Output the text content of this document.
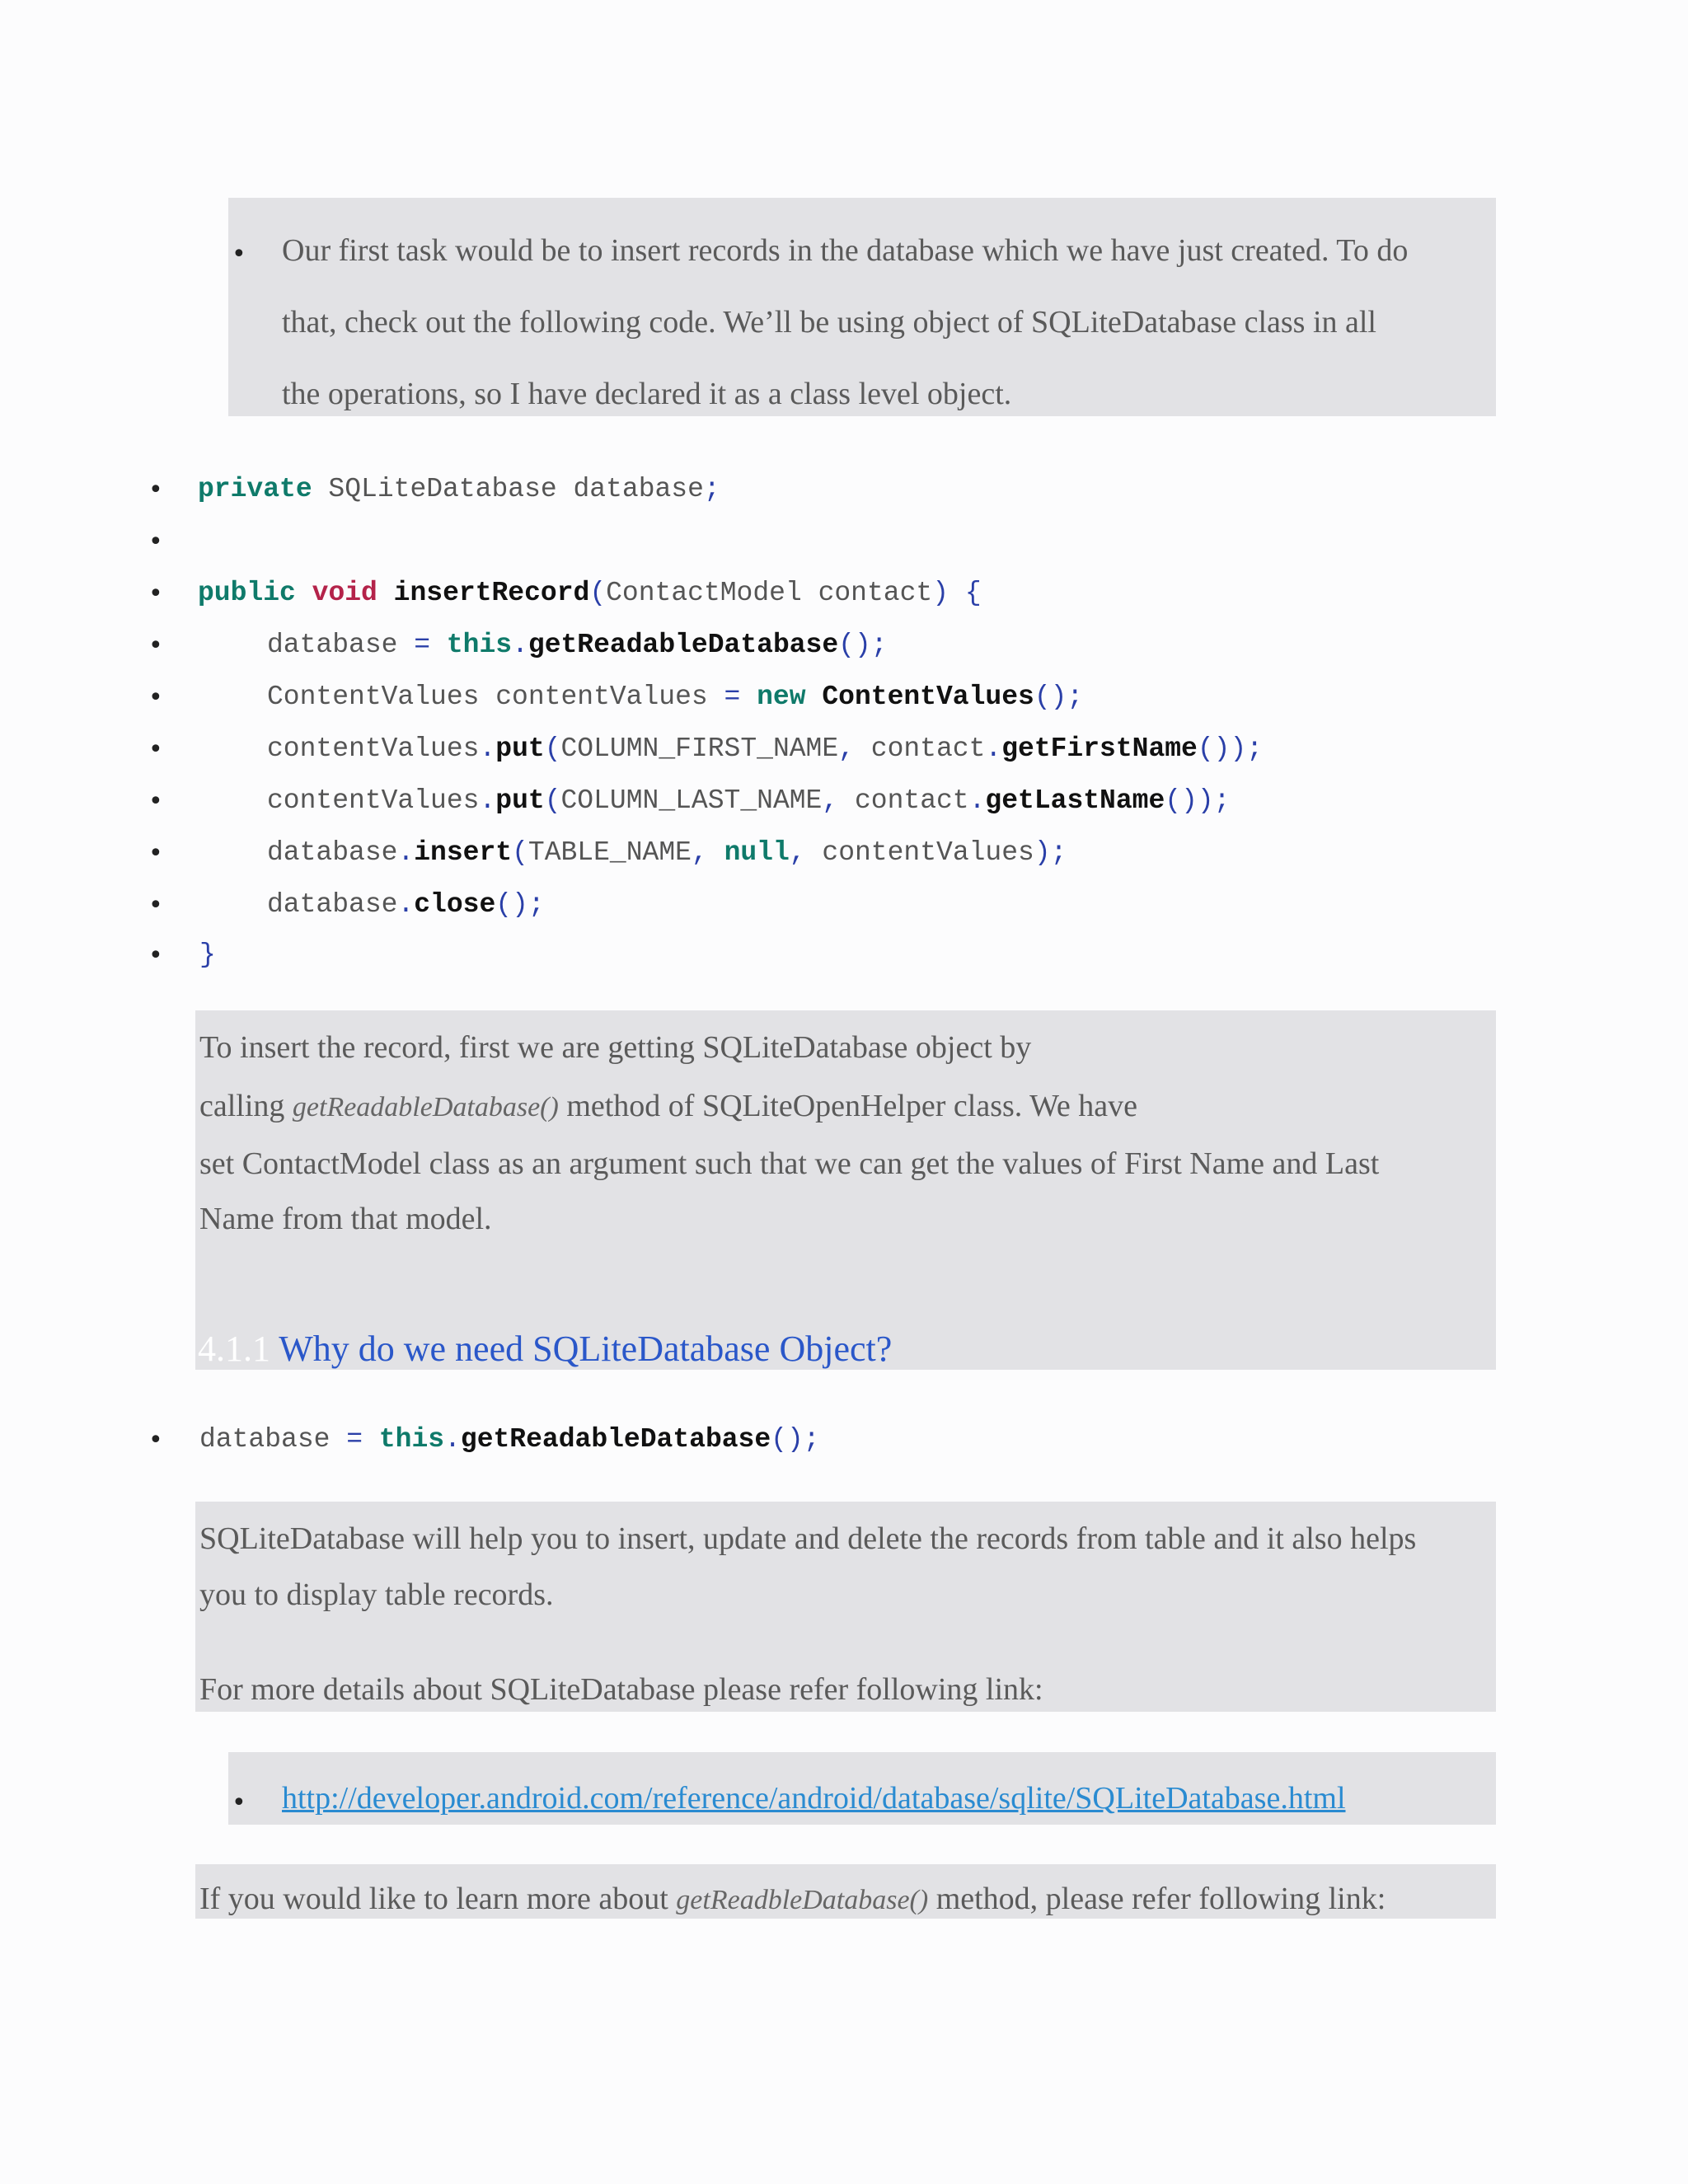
• Our first task would be to insert records in the database which we have just created. To do
that, check out the following code. We’ll be using object of SQLiteDatabase class in all
the operations, so I have declared it as a class level object.
•
•
•
•
•
•
•
•
•
•
private SQLiteDatabase database;
public void insertRecord(ContactModel contact) {
database = this.getReadableDatabase();
ContentValues contentValues = new ContentValues();
contentValues.put(COLUMN_FIRST_NAME, contact.getFirstName());
contentValues.put(COLUMN_LAST_NAME, contact.getLastName());
database.insert(TABLE_NAME, null, contentValues);
database.close();
}
To insert the record, first we are getting SQLiteDatabase object by
calling getReadableDatabase() method of SQLiteOpenHelper class. We have
set ContactModel class as an argument such that we can get the values of First Name and Last
Name from that model.
4.1.1 Why do we need SQLiteDatabase Object?
• database = this.getReadableDatabase();
SQLiteDatabase will help you to insert, update and delete the records from table and it also helps
you to display table records.
For more details about SQLiteDatabase please refer following link:
• http://developer.android.com/reference/android/database/sqlite/SQLiteDatabase.html
If you would like to learn more about getReadbleDatabase() method, please refer following link:
